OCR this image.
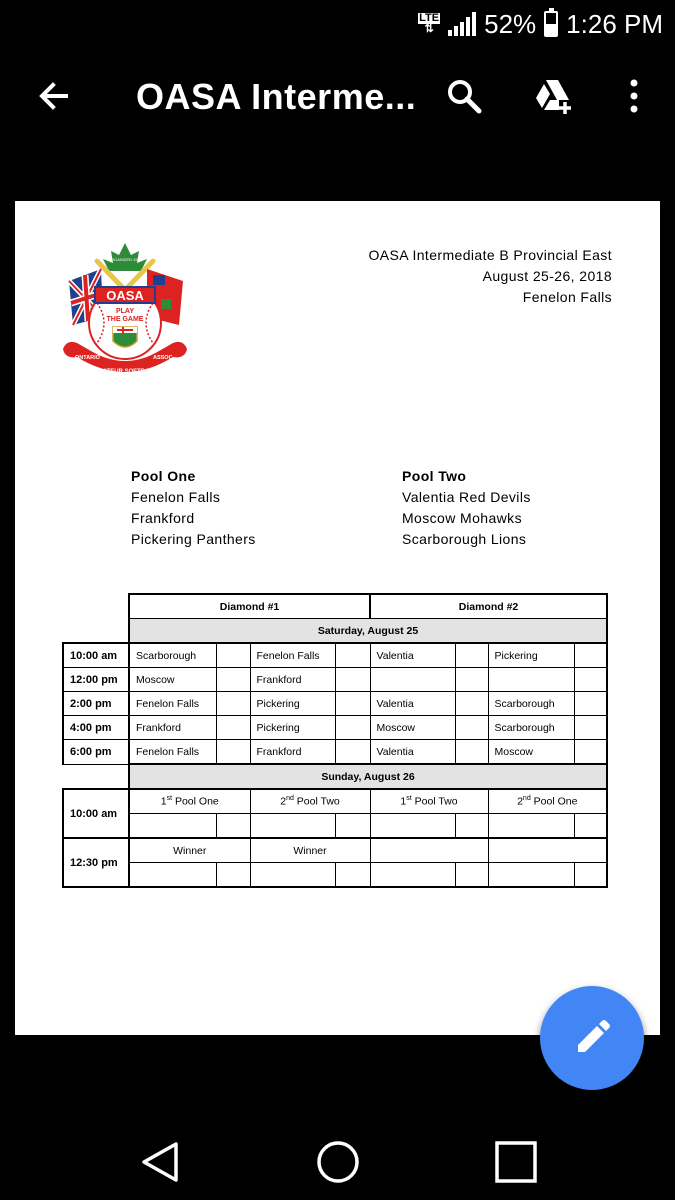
LTE
⇅ 52% 1:26 PM
OASA Interme...
ORGANIZED 1923
OASA
PLAY
THE GAME
ONTARIO
AMATEUR SOFTBALL
ASSOC.
OASA Intermediate B Provincial East
August 25-26, 2018
Fenelon Falls
Pool One
Fenelon Falls
Frankford
Pickering Panthers
Pool Two
Valentia Red Devils
Moscow Mohawks
Scarborough Lions
	Diamond #1				Diamond #2			
	Saturday, August 25							
10:00 am	Scarborough		Fenelon Falls		Valentia		Pickering	
12:00 pm	Moscow		Frankford					
2:00 pm	Fenelon Falls		Pickering		Valentia		Scarborough	
4:00 pm	Frankford		Pickering		Moscow		Scarborough	
6:00 pm	Fenelon Falls		Frankford		Valentia		Moscow	
	Sunday, August 26							
10:00 am	1st Pool One		2nd Pool Two		1st Pool Two		2nd Pool One	

12:30 pm	Winner		Winner					
